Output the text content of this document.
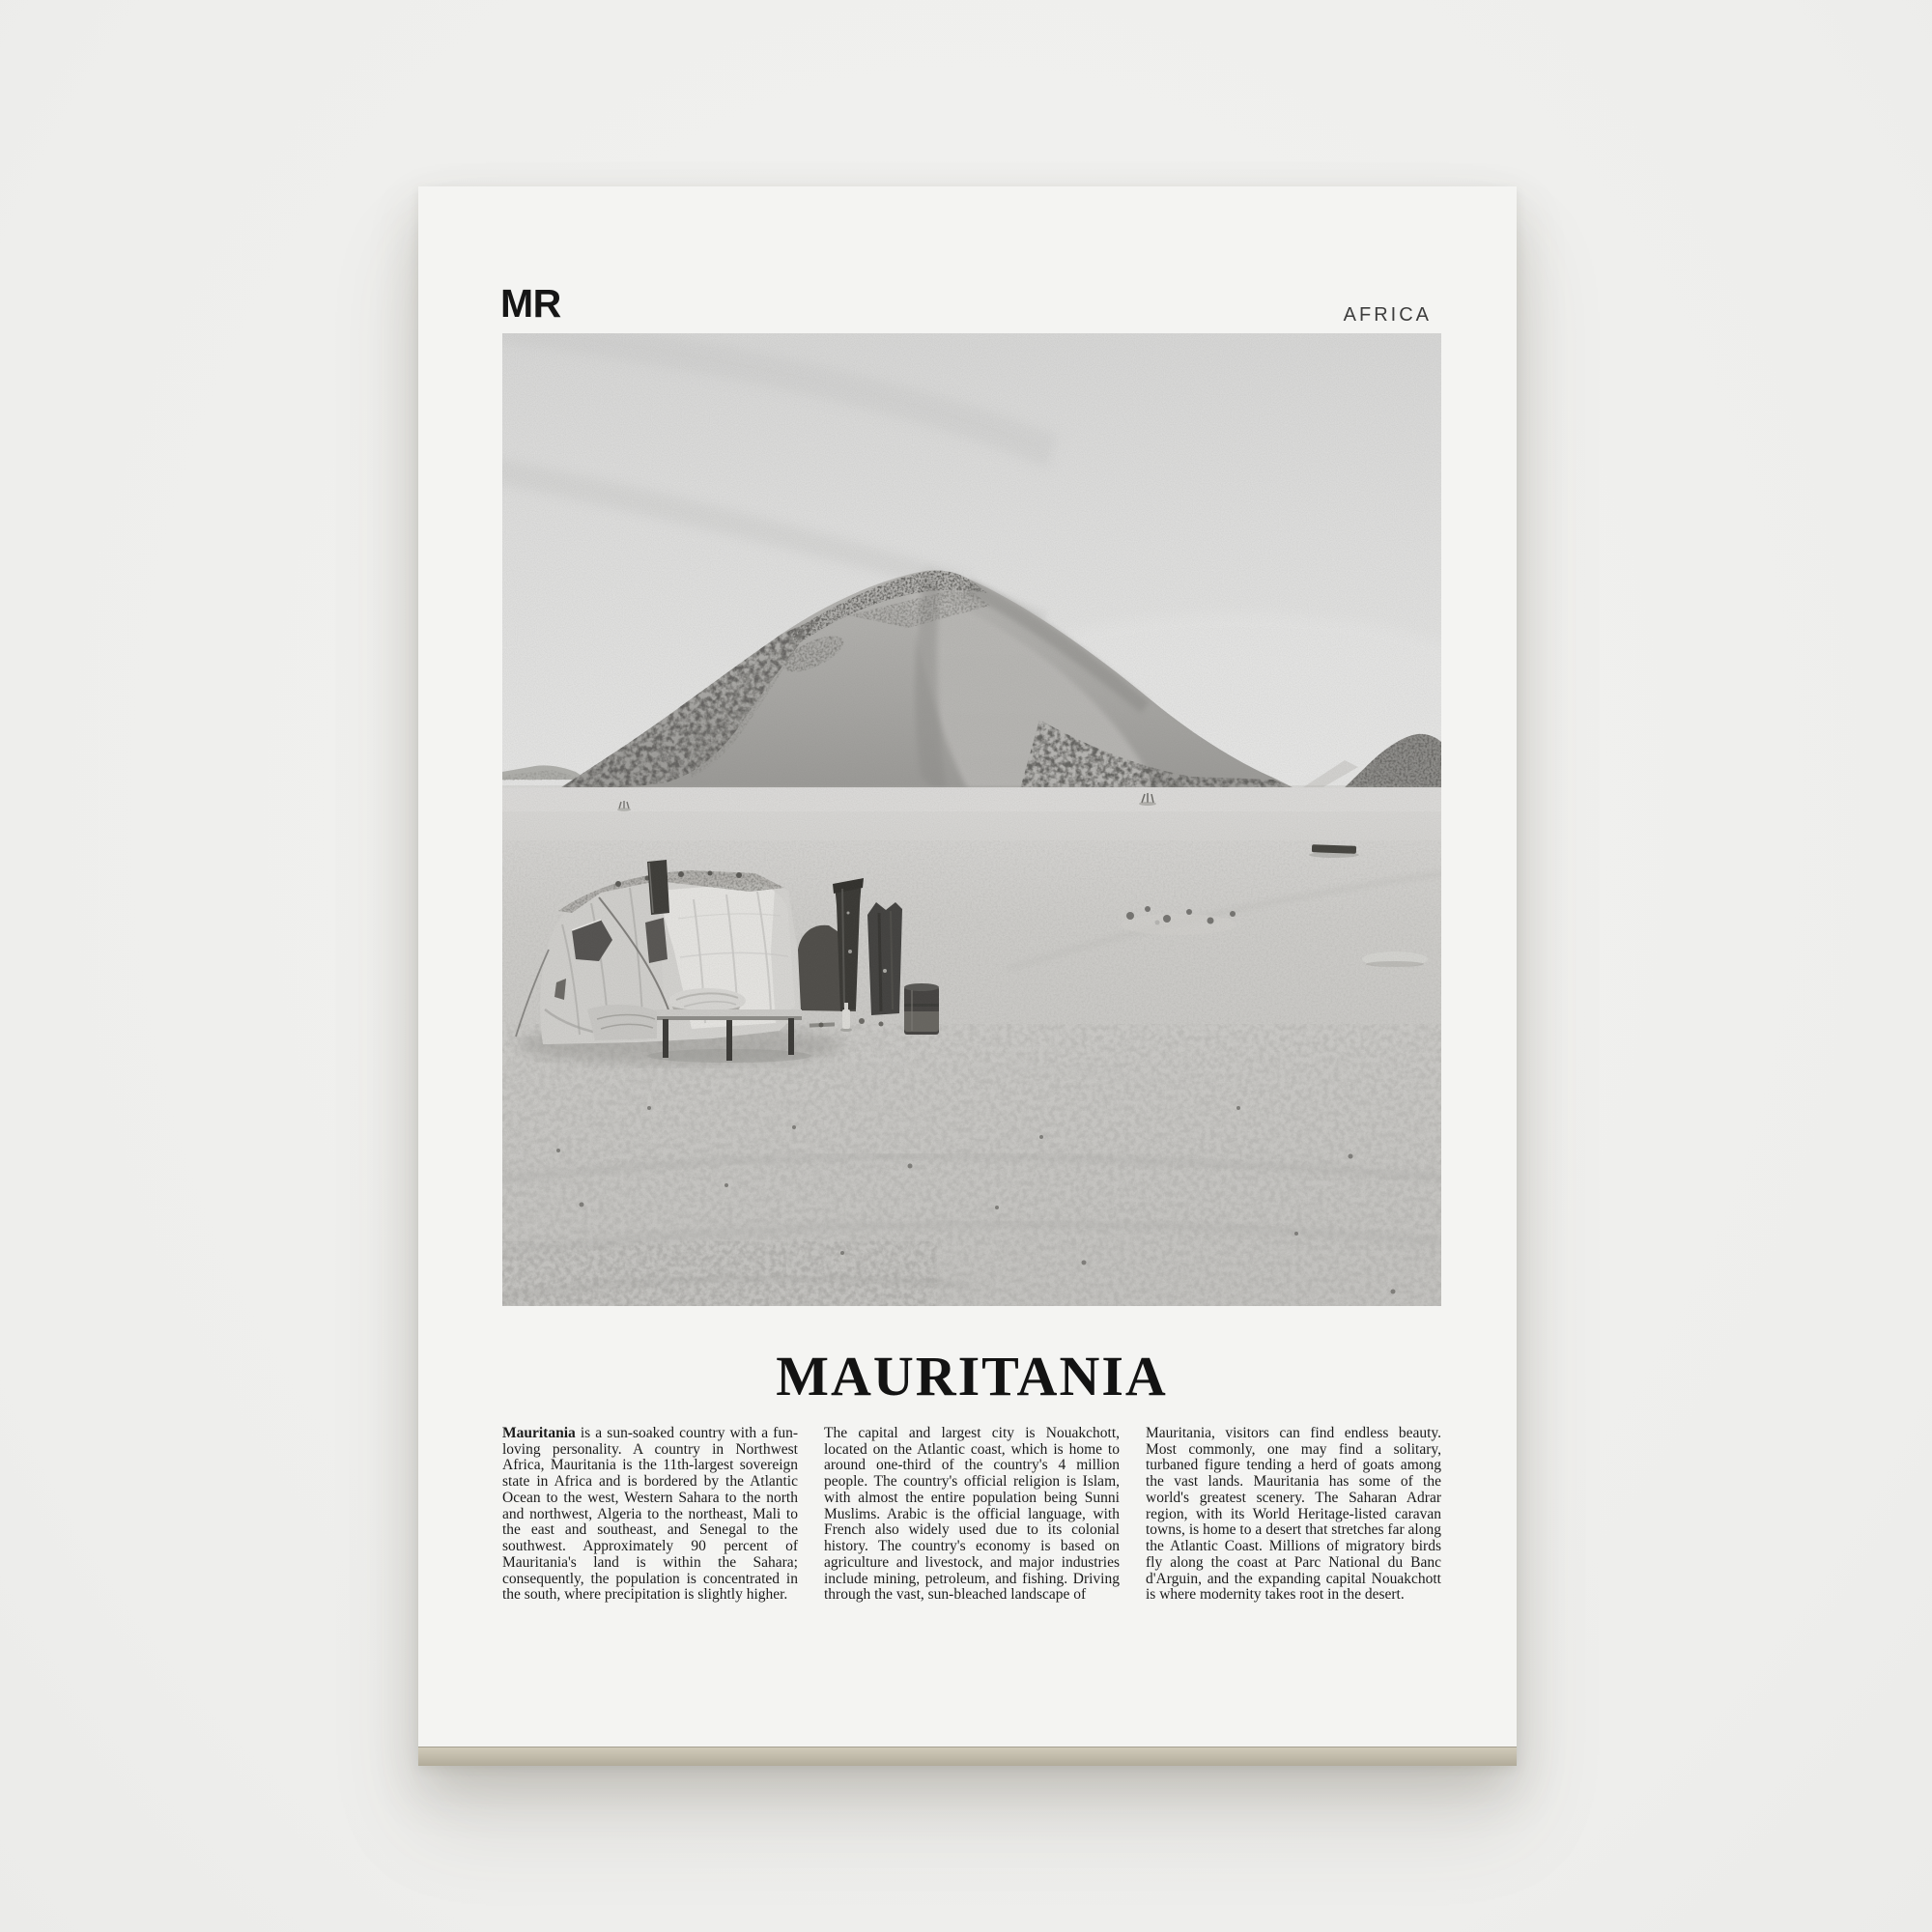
MR	AFRICA
MAURITANIA

Mauritania is a sun-soaked country with a fun-loving personality. A country in Northwest Africa, Mauritania is the 11th-largest sovereign state in Africa and is bordered by the Atlantic Ocean to the west, Western Sahara to the north and northwest, Algeria to the northeast, Mali to the east and southeast, and Senegal to the southwest. Approximately 90 percent of Mauritania's land is within the Sahara; consequently, the population is concentrated in the south, where precipitation is slightly higher.

The capital and largest city is Nouakchott, located on the Atlantic coast, which is home to around one-third of the country's 4 million people. The country's official religion is Islam, with almost the entire population being Sunni Muslims. Arabic is the official language, with French also widely used due to its colonial history. The country's economy is based on agriculture and livestock, and major industries include mining, petroleum, and fishing. Driving through the vast, sun-bleached landscape of

Mauritania, visitors can find endless beauty. Most commonly, one may find a solitary, turbaned figure tending a herd of goats among the vast lands. Mauritania has some of the world's greatest scenery. The Saharan Adrar region, with its World Heritage-listed caravan towns, is home to a desert that stretches far along the Atlantic Coast. Millions of migratory birds fly along the coast at Parc National du Banc d'Arguin, and the expanding capital Nouakchott is where modernity takes root in the desert.
